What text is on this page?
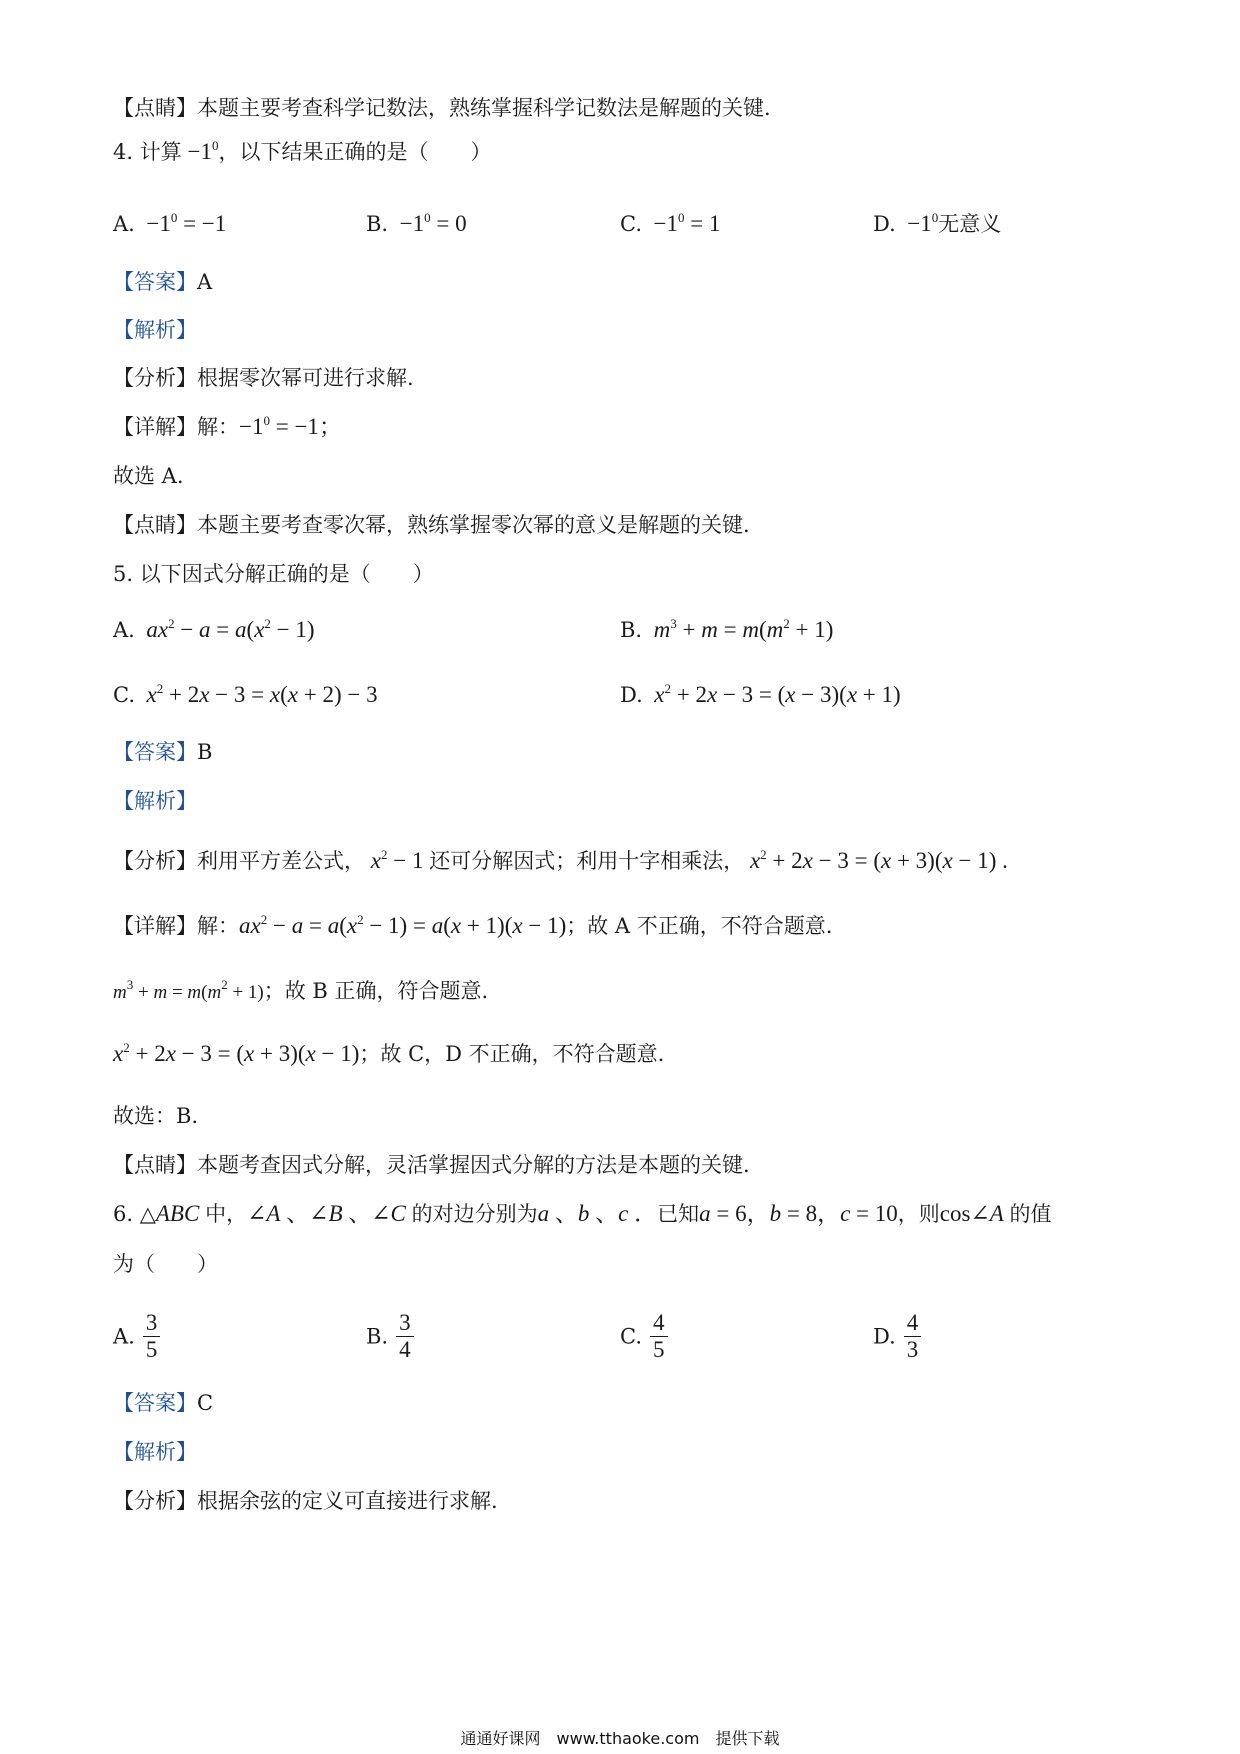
【点睛】本题主要考查科学记数法，熟练掌握科学记数法是解题的关键.
4. 计算 $-1^0$，以下结果正确的是（　　）
A.  $-1^0 = -1$	B.  $-1^0 = 0$	C.  $-1^0 = 1$	D.  $-1^0$无意义
【答案】A
【解析】
【分析】根据零次幂可进行求解.
【详解】解：$-1^0 = -1$；
故选 A.
【点睛】本题主要考查零次幂，熟练掌握零次幂的意义是解题的关键.
5. 以下因式分解正确的是（　　）
A. $ax^2 - a = a(x^2 - 1)$	B. $m^3 + m = m(m^2 + 1)$
C. $x^2 + 2x - 3 = x(x + 2) - 3$	D. $x^2 + 2x - 3 = (x - 3)(x + 1)$
【答案】B
【解析】
【分析】利用平方差公式， $x^2 - 1$ 还可分解因式；利用十字相乘法， $x^2 + 2x - 3 = (x + 3)(x - 1)$ .
【详解】解：$ax^2 - a = a(x^2 - 1) = a(x + 1)(x - 1)$；故 A 不正确，不符合题意.
$m^3 + m = m(m^2 + 1)$；故 B 正确，符合题意.
$x^2 + 2x - 3 = (x + 3)(x - 1)$；故 C，D 不正确，不符合题意.
故选：B.
【点睛】本题考查因式分解，灵活掌握因式分解的方法是本题的关键.
6. △ABC 中，∠A 、∠B 、∠C 的对边分别为a 、b 、c ．已知a = 6，b = 8，c = 10，则cos∠A 的值
为（　　）
A. $\frac{3}{5}$	B. $\frac{3}{4}$	C. $\frac{4}{5}$	D. $\frac{4}{3}$
【答案】C
【解析】
【分析】根据余弦的定义可直接进行求解.
通通好课网　www.tthaoke.com　提供下载
